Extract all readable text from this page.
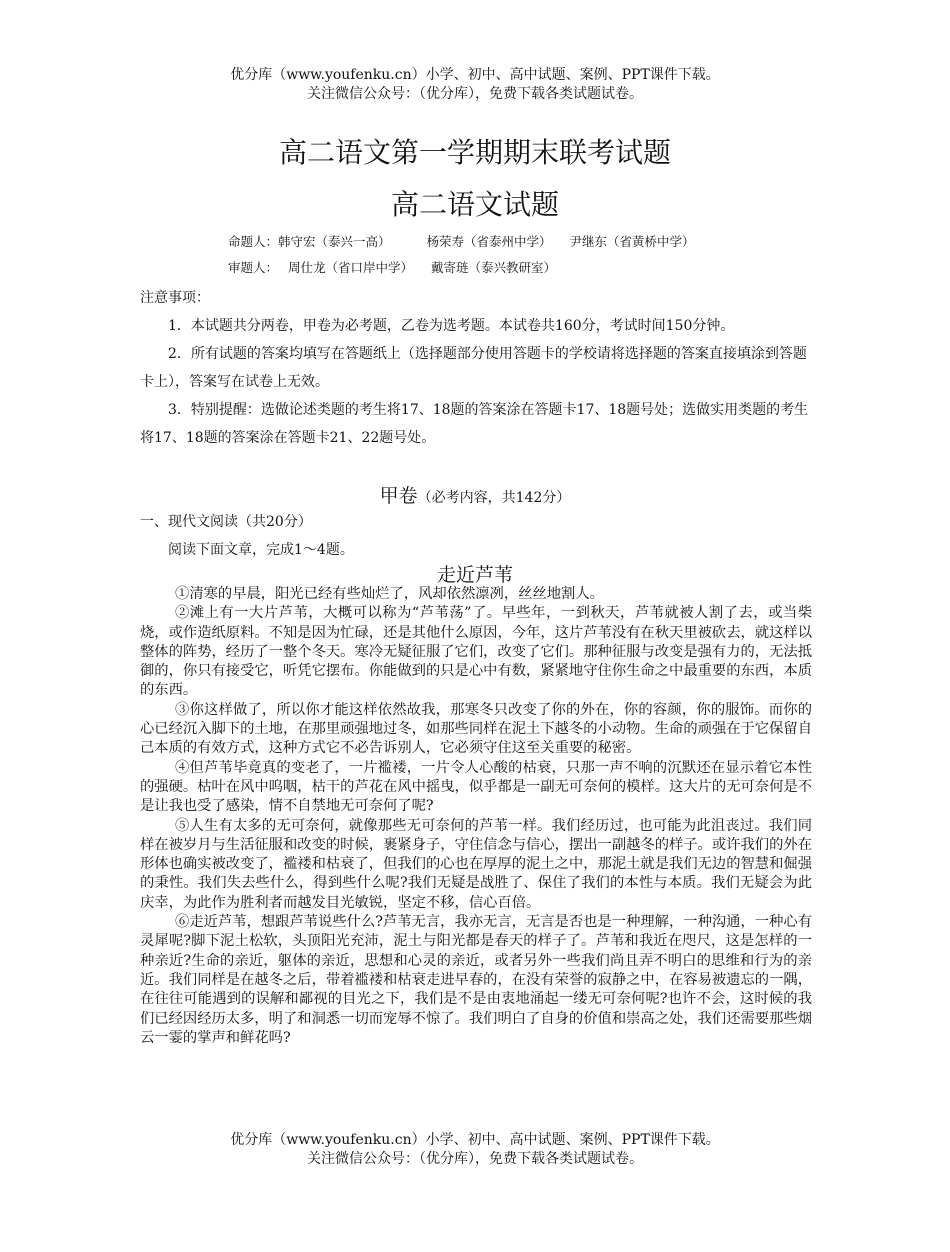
优分库（www.youfenku.cn）小学、初中、高中试题、案例、PPT课件下载。
关注微信公众号：（优分库），免费下载各类试题试卷。
高二语文第一学期期末联考试题
高二语文试题
命题人：韩守宏（泰兴一高）	杨荣寿（省泰州中学） 尹继东（省黄桥中学）
审题人： 周仕龙（省口岸中学） 戴寄琏（泰兴教研室）

注意事项：

1．本试题共分两卷，甲卷为必考题，乙卷为选考题。本试卷共160分，考试时间150分钟。

2．所有试题的答案均填写在答题纸上（选择题部分使用答题卡的学校请将选择题的答案直接填涂到答题卡上），答案写在试卷上无效。

3．特别提醒：选做论述类题的考生将17、18题的答案涂在答题卡17、18题号处；选做实用类题的考生将17、18题的答案涂在答题卡21、22题号处。

甲卷（必考内容，共142分）
一、现代文阅读（共20分）
阅读下面文章，完成1～4题。
走近芦苇

①清寒的早晨，阳光已经有些灿烂了，风却依然凛冽，丝丝地割人。

②滩上有一大片芦苇，大概可以称为“芦苇荡”了。早些年，一到秋天，芦苇就被人割了去，或当柴烧，或作造纸原料。不知是因为忙碌，还是其他什么原因，今年，这片芦苇没有在秋天里被砍去，就这样以整体的阵势，经历了一整个冬天。寒冷无疑征服了它们，改变了它们。那种征服与改变是强有力的，无法抵御的，你只有接受它，听凭它摆布。你能做到的只是心中有数，紧紧地守住你生命之中最重要的东西，本质的东西。

③你这样做了，所以你才能这样依然故我，那寒冬只改变了你的外在，你的容颜，你的服饰。而你的心已经沉入脚下的土地，在那里顽强地过冬，如那些同样在泥土下越冬的小动物。生命的顽强在于它保留自己本质的有效方式，这种方式它不必告诉别人，它必须守住这至关重要的秘密。

④但芦苇毕竟真的变老了，一片褴褛，一片令人心酸的枯衰，只那一声不响的沉默还在显示着它本性的强硬。枯叶在风中呜咽，枯干的芦花在风中摇曳，似乎都是一副无可奈何的模样。这大片的无可奈何是不是让我也受了感染，情不自禁地无可奈何了呢?

⑤人生有太多的无可奈何，就像那些无可奈何的芦苇一样。我们经历过，也可能为此沮丧过。我们同样在被岁月与生活征服和改变的时候，裹紧身子，守住信念与信心，摆出一副越冬的样子。或许我们的外在形体也确实被改变了，褴褛和枯衰了，但我们的心也在厚厚的泥土之中，那泥土就是我们无边的智慧和倔强的秉性。我们失去些什么，得到些什么呢?我们无疑是战胜了、保住了我们的本性与本质。我们无疑会为此庆幸，为此作为胜利者而越发目光敏锐，坚定不移，信心百倍。

⑥走近芦苇，想跟芦苇说些什么?芦苇无言，我亦无言，无言是否也是一种理解，一种沟通，一种心有灵犀呢?脚下泥土松软，头顶阳光充沛，泥土与阳光都是春天的样子了。芦苇和我近在咫尺，这是怎样的一种亲近?生命的亲近，躯体的亲近，思想和心灵的亲近，或者另外一些我们尚且弄不明白的思维和行为的亲近。我们同样是在越冬之后，带着褴褛和枯衰走进早春的，在没有荣誉的寂静之中，在容易被遗忘的一隅，在往往可能遇到的误解和鄙视的目光之下，我们是不是由衷地涌起一缕无可奈何呢?也许不会，这时候的我们已经因经历太多，明了和洞悉一切而宠辱不惊了。我们明白了自身的价值和崇高之处，我们还需要那些烟云一霎的掌声和鲜花吗?

优分库（www.youfenku.cn）小学、初中、高中试题、案例、PPT课件下载。
关注微信公众号：（优分库），免费下载各类试题试卷。
